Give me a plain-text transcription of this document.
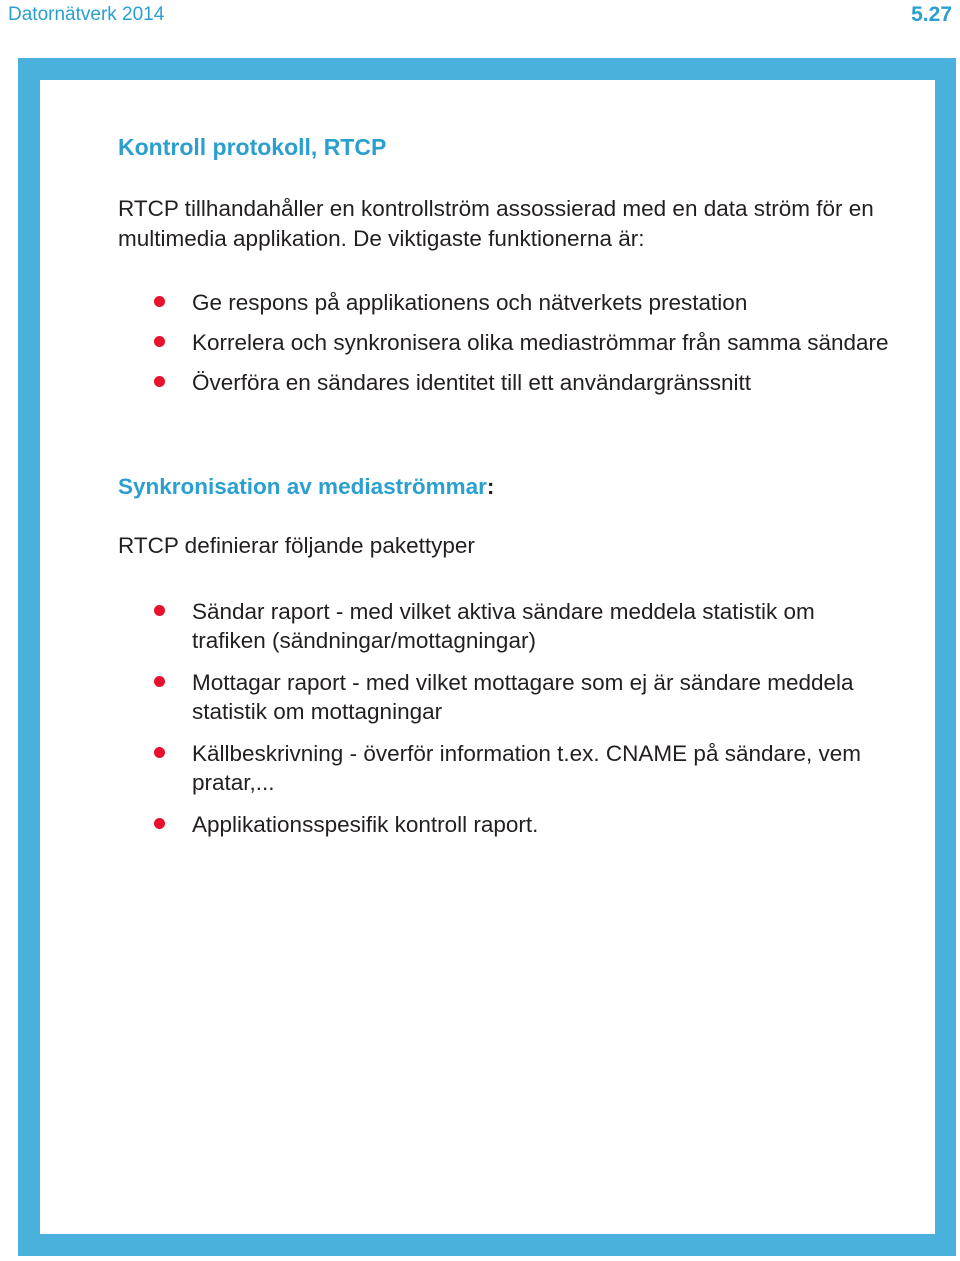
Datornätverk 2014	5.27
Kontroll protokoll, RTCP

RTCP tillhandahåller en kontrollström assossierad med en data ström för en multimedia applikation. De viktigaste funktionerna är:

Ge respons på applikationens och nätverkets prestation
Korrelera och synkronisera olika mediaströmmar från samma sändare
Överföra en sändares identitet till ett användargränssnitt
Synkronisation av mediaströmmar:

RTCP definierar följande pakettyper

Sändar raport - med vilket aktiva sändare meddela statistik om trafiken (sändningar/mottagningar)
Mottagar raport - med vilket mottagare som ej är sändare meddela statistik om mottagningar
Källbeskrivning - överför information t.ex. CNAME på sändare, vem pratar,...
Applikationsspesifik kontroll raport.
